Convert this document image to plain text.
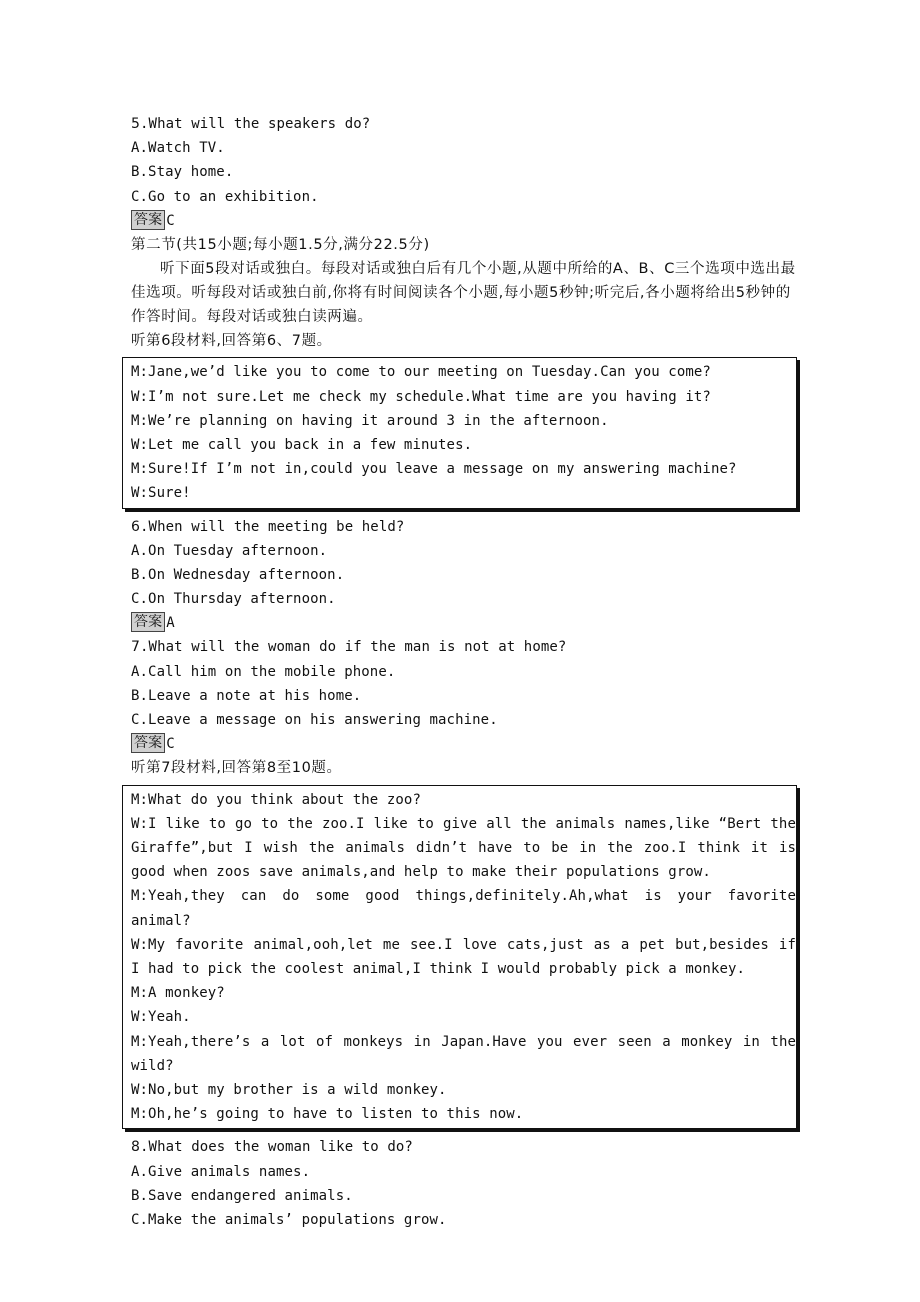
5.What will the speakers do?
A.Watch TV.
B.Stay home.
C.Go to an exhibition.
答案 C
第二节(共15小题;每小题1.5分,满分22.5分)

听下面5段对话或独白。每段对话或独白后有几个小题,从题中所给的A、B、C三个选项中选出最佳选项。听每段对话或独白前,你将有时间阅读各个小题,每小题5秒钟;听完后,各小题将给出5秒钟的作答时间。每段对话或独白读两遍。

听第6段材料,回答第6、7题。
M:Jane,we’d like you to come to our meeting on Tuesday.Can you come?
W:I’m not sure.Let me check my schedule.What time are you having it?
M:We’re planning on having it around 3 in the afternoon.
W:Let me call you back in a few minutes.
M:Sure!If I’m not in,could you leave a message on my answering machine?
W:Sure!
6.When will the meeting be held?
A.On Tuesday afternoon.
B.On Wednesday afternoon.
C.On Thursday afternoon.
答案 A
7.What will the woman do if the man is not at home?
A.Call him on the mobile phone.
B.Leave a note at his home.
C.Leave a message on his answering machine.
答案 C
听第7段材料,回答第8至10题。
M:What do you think about the zoo?
W:I like to go to the zoo.I like to give all the animals names,like “Bert the Giraffe”,but I wish the animals didn’t have to be in the zoo.I think it is good when zoos save animals,and help to make their populations grow.
M:Yeah,they can do some good things,definitely.Ah,what is your favorite animal?
W:My favorite animal,ooh,let me see.I love cats,just as a pet but,besides if I had to pick the coolest animal,I think I would probably pick a monkey.
M:A monkey?
W:Yeah.
M:Yeah,there’s a lot of monkeys in Japan.Have you ever seen a monkey in the wild?
W:No,but my brother is a wild monkey.
M:Oh,he’s going to have to listen to this now.
8.What does the woman like to do?
A.Give animals names.
B.Save endangered animals.
C.Make the animals’ populations grow.
